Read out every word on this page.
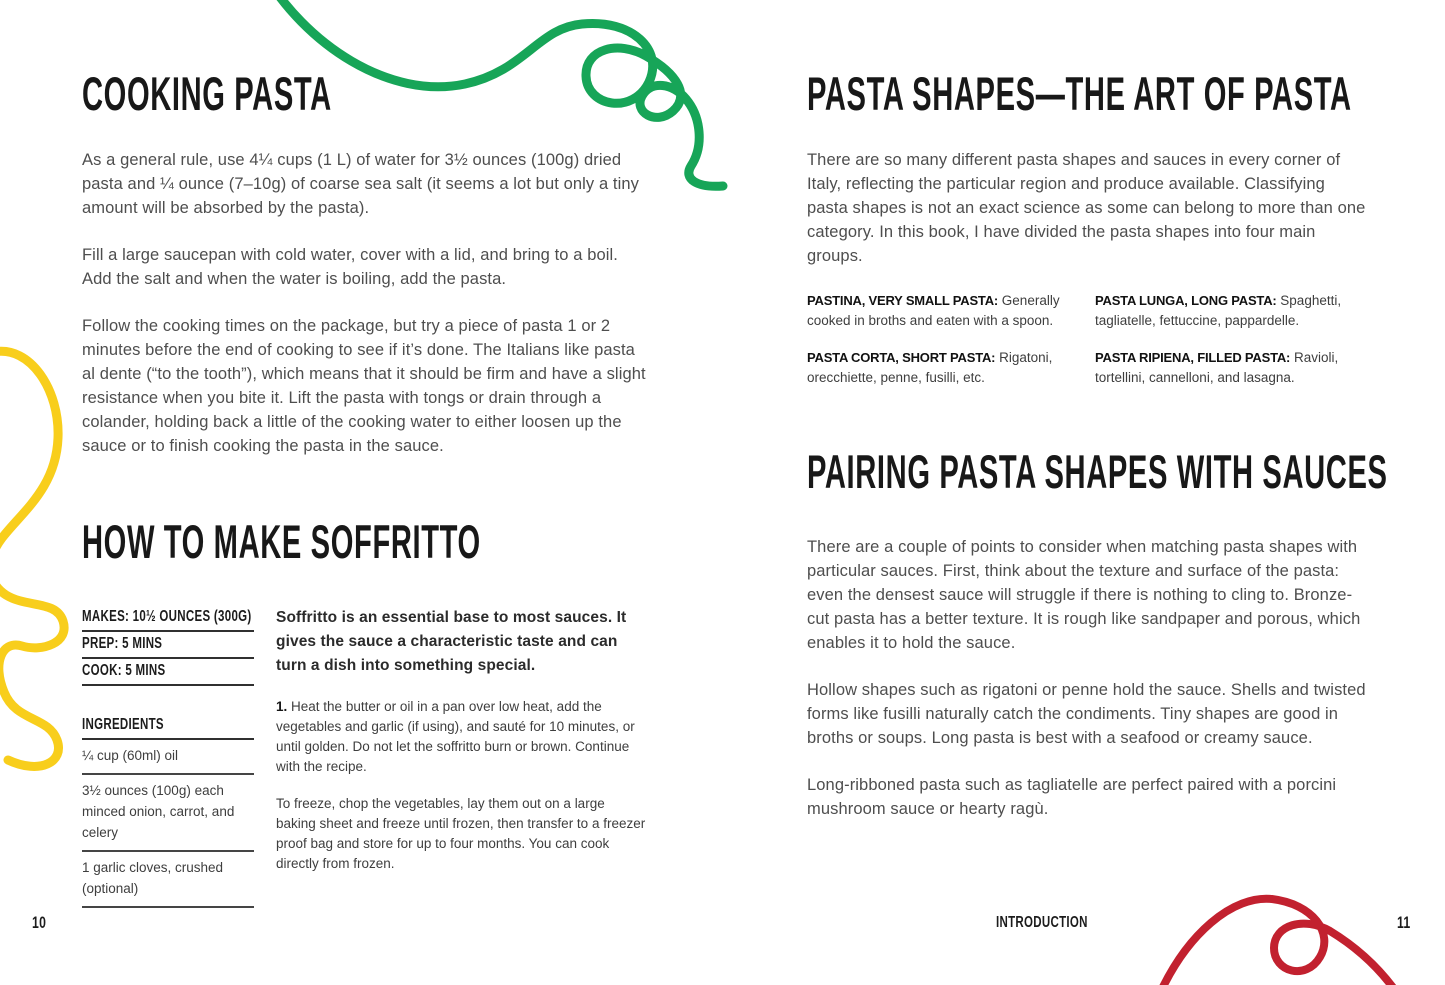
COOKING PASTA

As a general rule, use 4¼ cups (1 L) of water for 3½ ounces (100g) dried pasta and ¼ ounce (7–10g) of coarse sea salt (it seems a lot but only a tiny amount will be absorbed by the pasta).

Fill a large saucepan with cold water, cover with a lid, and bring to a boil. Add the salt and when the water is boiling, add the pasta.

Follow the cooking times on the package, but try a piece of pasta 1 or 2 minutes before the end of cooking to see if it’s done. The Italians like pasta al dente (“to the tooth”), which means that it should be firm and have a slight resistance when you bite it. Lift the pasta with tongs or drain through a colander, holding back a little of the cooking water to either loosen up the sauce or to finish cooking the pasta in the sauce.

HOW TO MAKE SOFFRITTO
MAKES: 10½ OUNCES (300G)
PREP: 5 MINS
COOK: 5 MINS
INGREDIENTS
¼ cup (60ml) oil
3½ ounces (100g) each minced onion, carrot, and celery
1 garlic cloves, crushed (optional)

Soffritto is an essential base to most sauces. It gives the sauce a characteristic taste and can turn a dish into something special.

1. Heat the butter or oil in a pan over low heat, add the vegetables and garlic (if using), and sauté for 10 minutes, or until golden. Do not let the soffritto burn or brown. Continue with the recipe.

To freeze, chop the vegetables, lay them out on a large baking sheet and freeze until frozen, then transfer to a freezer proof bag and store for up to four months. You can cook directly from frozen.

PASTA SHAPES—THE ART OF PASTA

There are so many different pasta shapes and sauces in every corner of Italy, reflecting the particular region and produce available. Classifying pasta shapes is not an exact science as some can belong to more than one category. In this book, I have divided the pasta shapes into four main groups.

PASTINA, VERY SMALL PASTA: Generally cooked in broths and eaten with a spoon.

PASTA LUNGA, LONG PASTA: Spaghetti, tagliatelle, fettuccine, pappardelle.

PASTA CORTA, SHORT PASTA: Rigatoni, orecchiette, penne, fusilli, etc.

PASTA RIPIENA, FILLED PASTA: Ravioli, tortellini, cannelloni, and lasagna.

PAIRING PASTA SHAPES WITH SAUCES

There are a couple of points to consider when matching pasta shapes with particular sauces. First, think about the texture and surface of the pasta: even the densest sauce will struggle if there is nothing to cling to. Bronze-cut pasta has a better texture. It is rough like sandpaper and porous, which enables it to hold the sauce.

Hollow shapes such as rigatoni or penne hold the sauce. Shells and twisted forms like fusilli naturally catch the condiments. Tiny shapes are good in broths or soups. Long pasta is best with a seafood or creamy sauce.

Long-ribboned pasta such as tagliatelle are perfect paired with a porcini mushroom sauce or hearty ragù.

10	INTRODUCTION	11
